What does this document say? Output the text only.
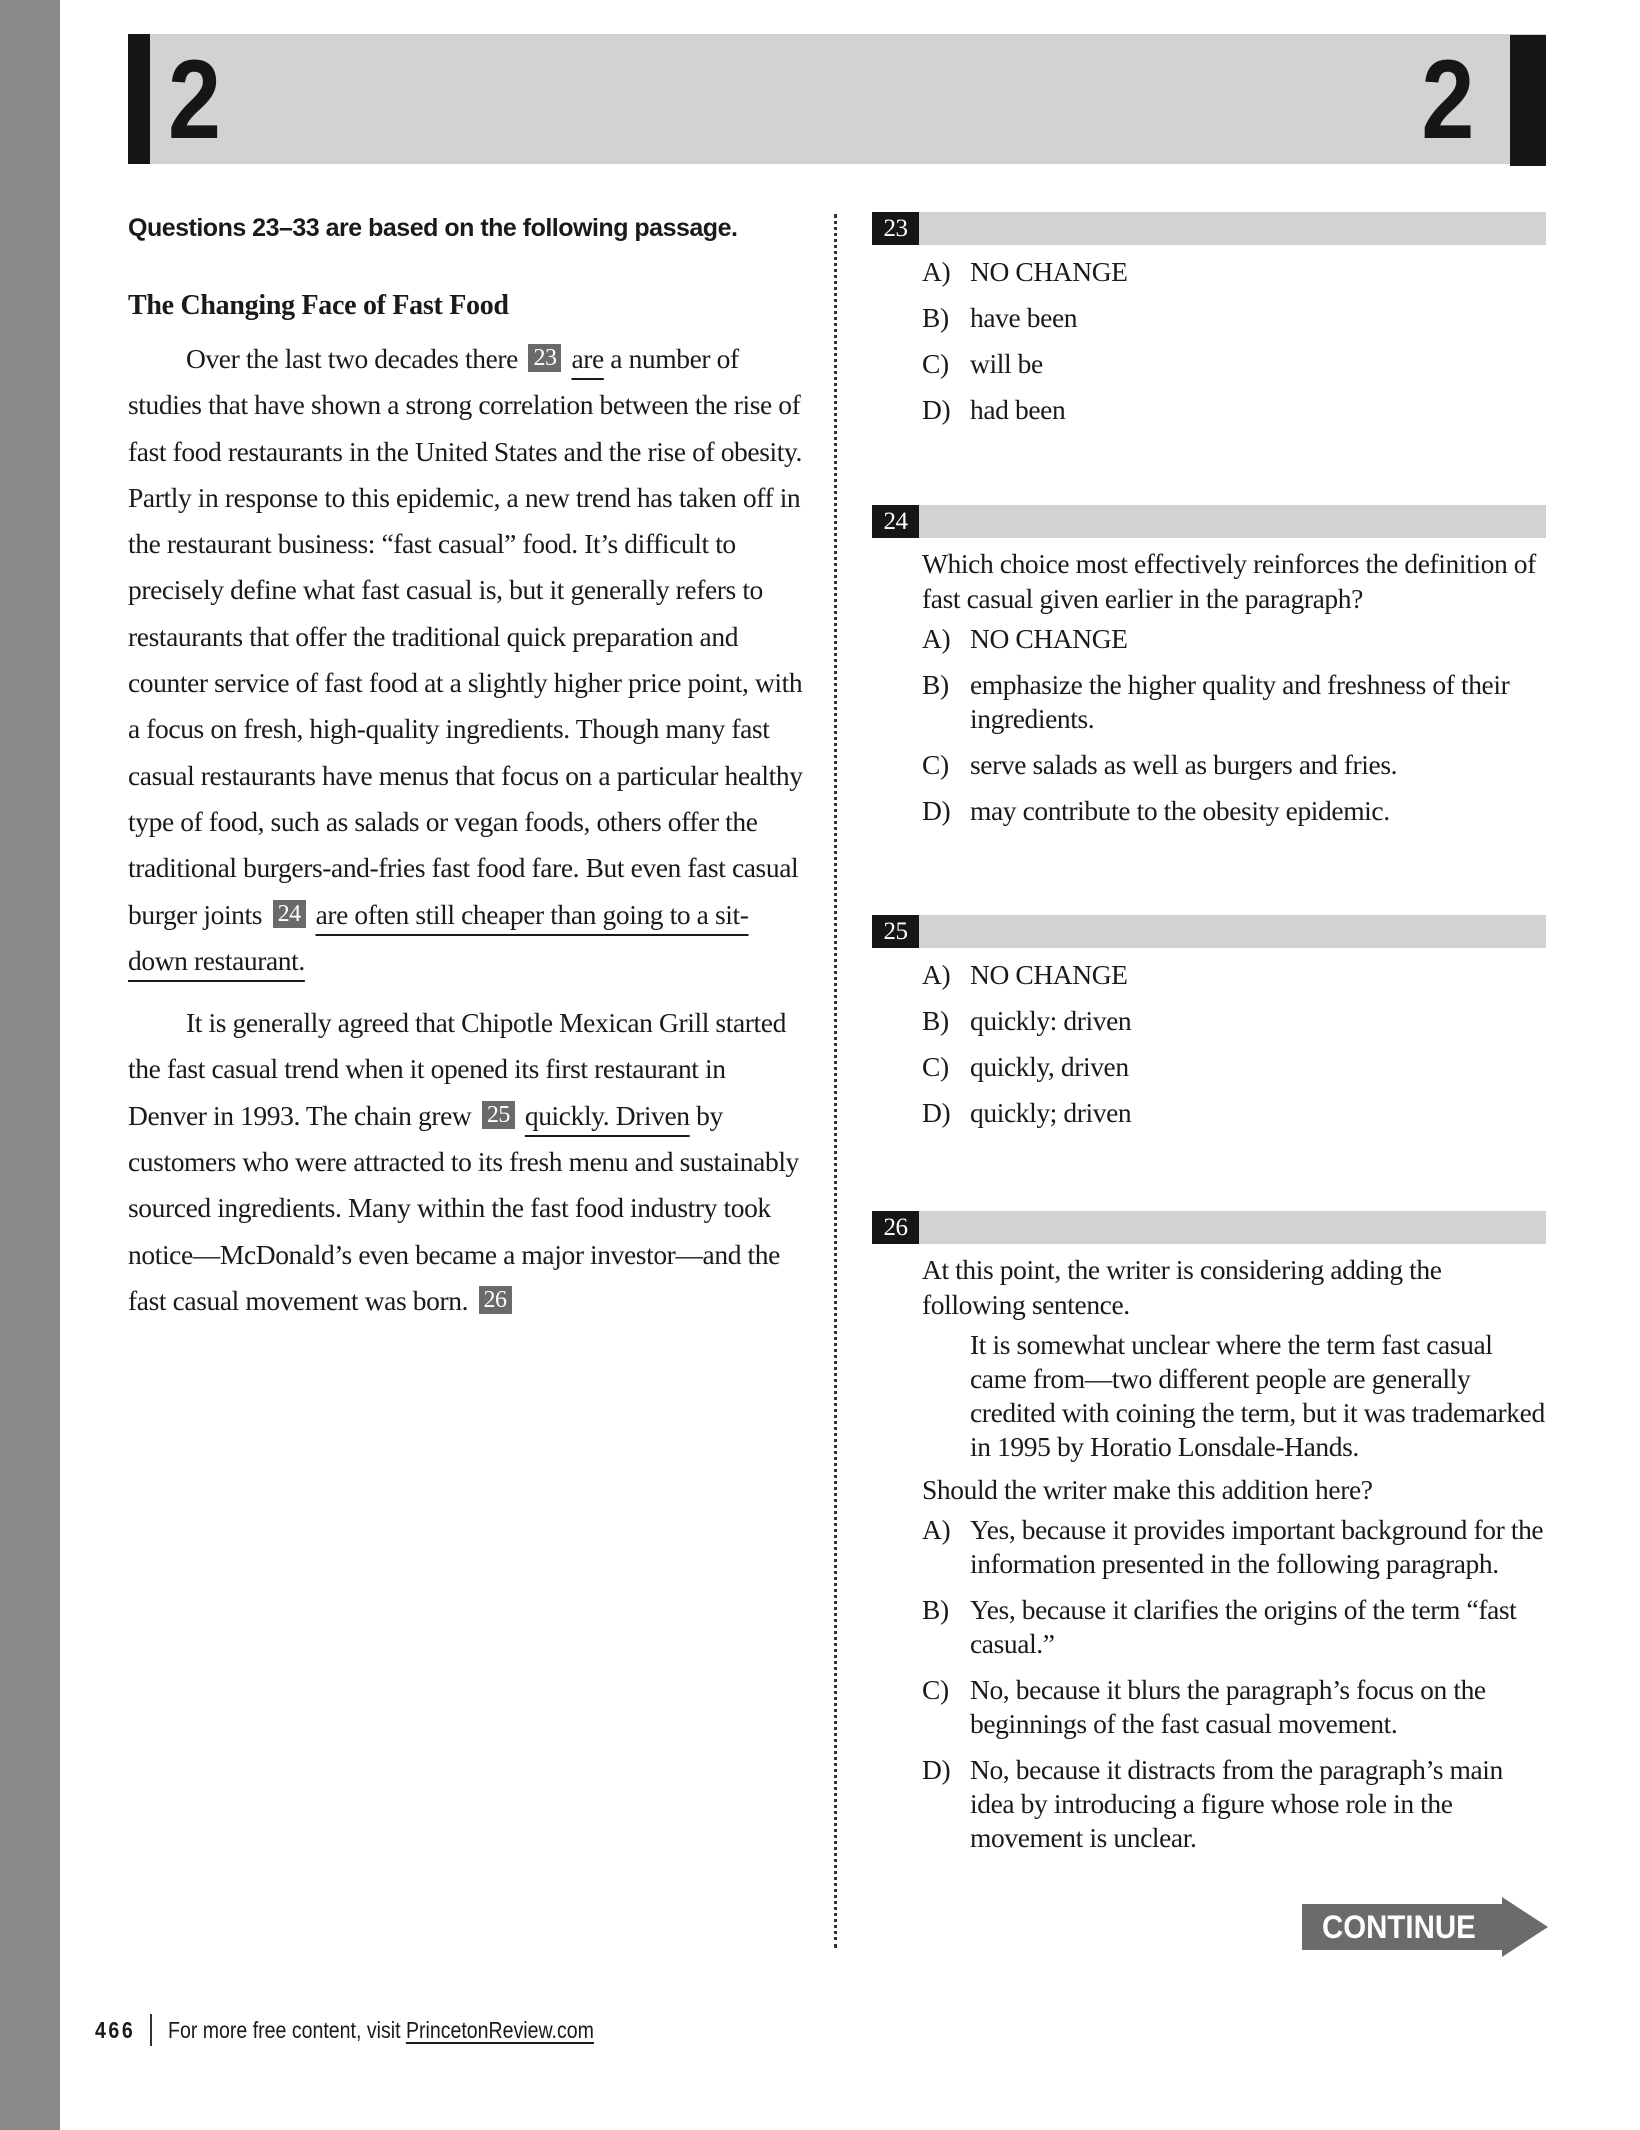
2	2

Questions 23–33 are based on the following passage.

The Changing Face of Fast Food

Over the last two decades there 23 are a number of studies that have shown a strong correlation between the rise of fast food restaurants in the United States and the rise of obesity. Partly in response to this epidemic, a new trend has taken off in the restaurant business: “fast casual” food. It’s difficult to precisely define what fast casual is, but it generally refers to restaurants that offer the traditional quick preparation and counter service of fast food at a slightly higher price point, with a focus on fresh, high-quality ingredients. Though many fast casual restaurants have menus that focus on a particular healthy type of food, such as salads or vegan foods, others offer the traditional burgers-and-fries fast food fare. But even fast casual burger joints 24 are often still cheaper than going to a sit-down restaurant.

It is generally agreed that Chipotle Mexican Grill started the fast casual trend when it opened its first restaurant in Denver in 1993. The chain grew 25 quickly. Driven by customers who were attracted to its fresh menu and sustainably sourced ingredients. Many within the fast food industry took notice—McDonald’s even became a major investor—and the fast casual movement was born. 26

23
A) NO CHANGE
B) have been
C) will be
D) had been
24
Which choice most effectively reinforces the definition of fast casual given earlier in the paragraph?
A) NO CHANGE
B) emphasize the higher quality and freshness of their ingredients.
C) serve salads as well as burgers and fries.
D) may contribute to the obesity epidemic.
25
A) NO CHANGE
B) quickly: driven
C) quickly, driven
D) quickly; driven
26
At this point, the writer is considering adding the following sentence.
It is somewhat unclear where the term fast casual came from—two different people are generally credited with coining the term, but it was trademarked in 1995 by Horatio Lonsdale-Hands.
Should the writer make this addition here?
A) Yes, because it provides important background for the information presented in the following paragraph.
B) Yes, because it clarifies the origins of the term “fast casual.”
C) No, because it blurs the paragraph’s focus on the beginnings of the fast casual movement.
D) No, because it distracts from the paragraph’s main idea by introducing a figure whose role in the movement is unclear.
CONTINUE
466 For more free content, visit PrincetonReview.com
